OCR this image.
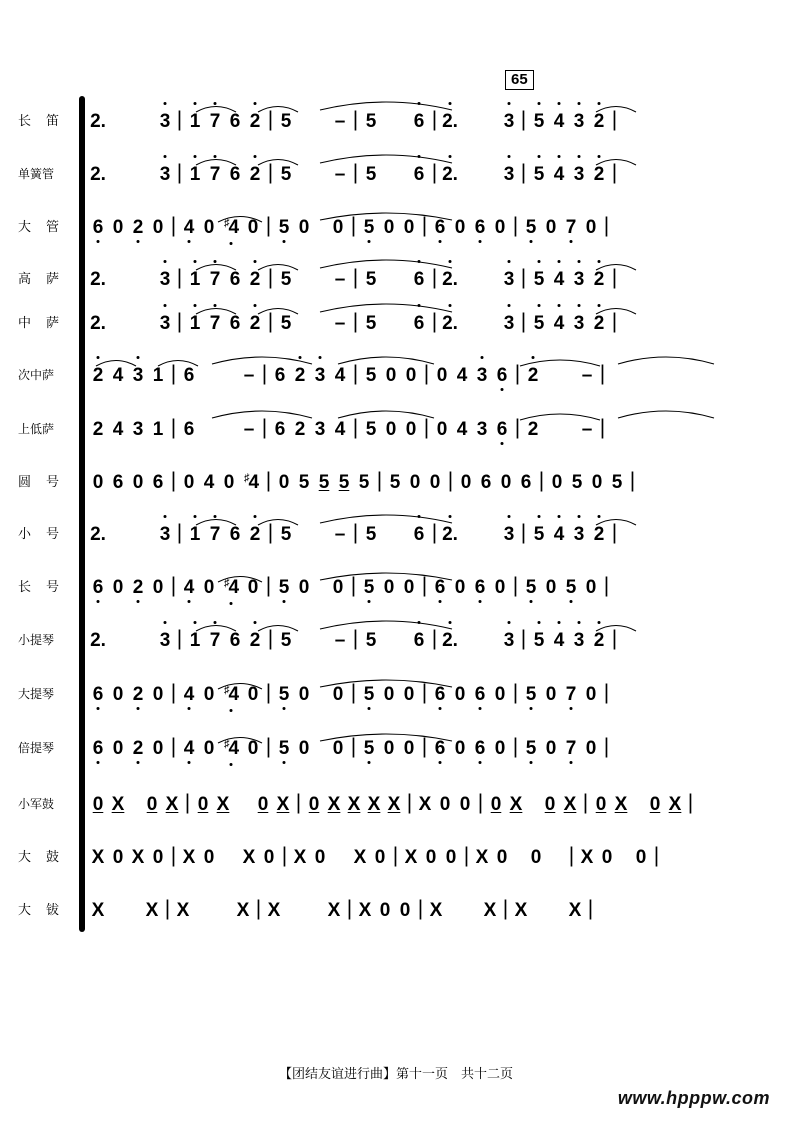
65
长　笛	2.	3 | 1 7 6 2 | 5 – | 5 6 | 2. 3 | 5 4 3 2 |
单簧管	2.	3 | 1 7 6 2 | 5 – | 5 6 | 2. 3 | 5 4 3 2 |
大　管	6 0 2 0 | 4 0 ♯4 0 | 5 0 0 | 5 0 0 | 6 0 6 0 | 5 0 7 0 |
高　萨	2.	3 | 1 7 6 2 | 5 – | 5 6 | 2. 3 | 5 4 3 2 |
中　萨	2.	3 | 1 7 6 2 | 5 – | 5 6 | 2. 3 | 5 4 3 2 |
次中萨	2 4 3 1 | 6	– | 6 2 3 4 | 5 0 0 | 0 4 3 6 | 2 – |
上低萨	2 4 3 1 | 6	– | 6 2 3 4 | 5 0 0 | 0 4 3 6 | 2 – |
圆　号	0 6 0 6 | 0 4 0 ♯4 | 0 5 5 5 5 | 5 0 0 | 0 6 0 6 | 0 5 0 5 |
小　号	2.	3 | 1 7 6 2 | 5 – | 5 6 | 2. 3 | 5 4 3 2 |
长　号	6 0 2 0 | 4 0 ♯4 0 | 5 0 0 | 5 0 0 | 6 0 6 0 | 5 0 5 0 |
小提琴	2.	3 | 1 7 6 2 | 5 – | 5 6 | 2. 3 | 5 4 3 2 |
大提琴	6 0 2 0 | 4 0 ♯4 0 | 5 0 0 | 5 0 0 | 6 0 6 0 | 5 0 7 0 |
倍提琴	6 0 2 0 | 4 0 ♯4 0 | 5 0 0 | 5 0 0 | 6 0 6 0 | 5 0 7 0 |
小军鼓	0 X 0 X | 0 X 0 X | 0 X X X X | X 0 0 | 0 X 0 X | 0 X 0 X |
大　鼓	X 0 X 0 | X 0 X 0 | X 0 X 0 | X 0 0 | X 0 0 | X 0 0 |
大　钹	X X | X X | X X | X 0 0 | X X | X X |
【团结友谊进行曲】第十一页　共十二页
www.hpppw.com
